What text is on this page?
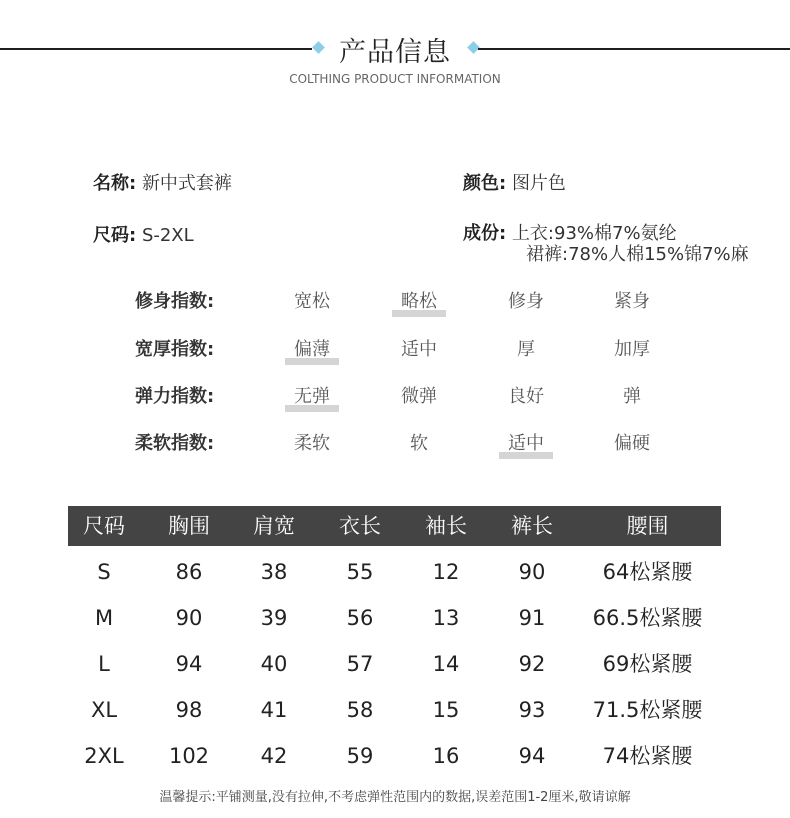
产品信息
COLTHING PRODUCT INFORMATION
名称: 新中式套裤	颜色: 图片色
尺码: S-2XL	成份: 上衣:93%棉7%氨纶
裙裤:78%人棉15%锦7%麻
修身指数:	宽松	略松	修身	紧身
宽厚指数:	偏薄	适中	厚	加厚
弹力指数:	无弹	微弹	良好	弹
柔软指数:	柔软	软	适中	偏硬
尺码	胸围	肩宽	衣长	袖长	裤长	腰围
S	86	38	55	12	90	64松紧腰
M	90	39	56	13	91	66.5松紧腰
L	94	40	57	14	92	69松紧腰
XL	98	41	58	15	93	71.5松紧腰
2XL	102	42	59	16	94	74松紧腰
温馨提示:平铺测量,没有拉伸,不考虑弹性范围内的数据,误差范围1-2厘米,敬请谅解
